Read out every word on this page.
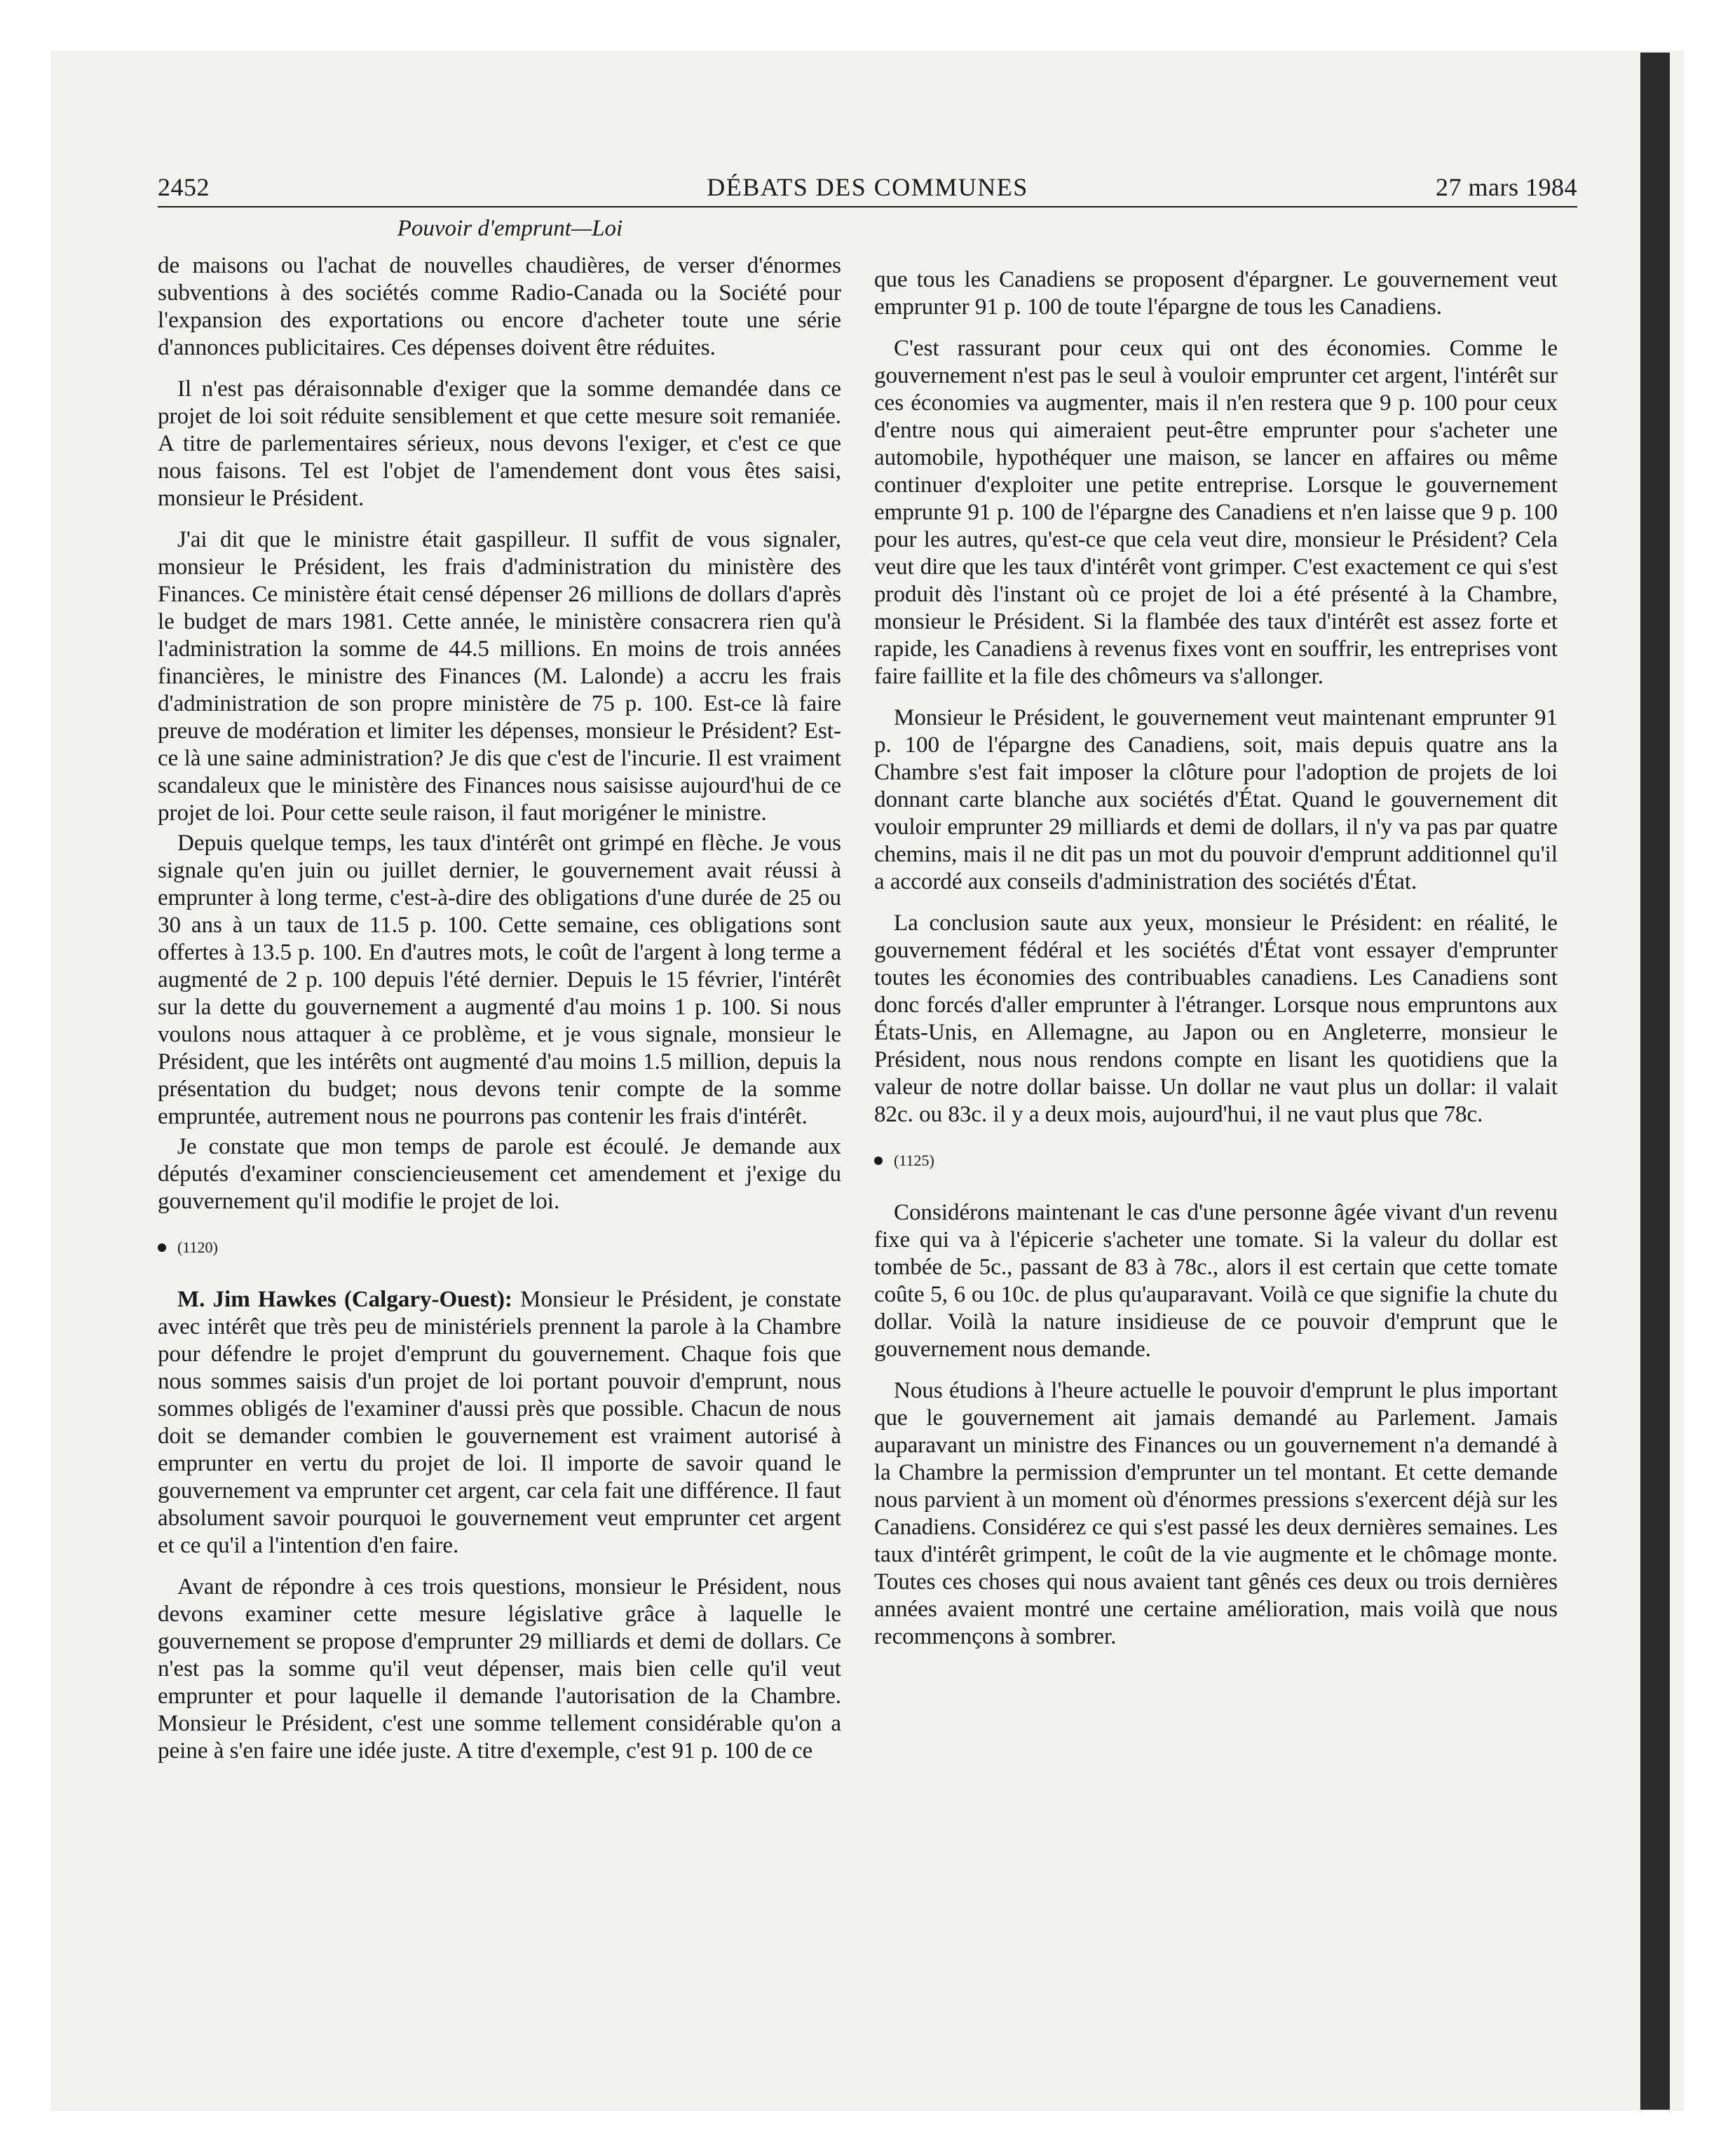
2452	DÉBATS DES COMMUNES	27 mars 1984
Pouvoir d'emprunt—Loi

de maisons ou l'achat de nouvelles chaudières, de verser d'énormes subventions à des sociétés comme Radio-Canada ou la Société pour l'expansion des exportations ou encore d'acheter toute une série d'annonces publicitaires. Ces dépenses doivent être réduites.

Il n'est pas déraisonnable d'exiger que la somme demandée dans ce projet de loi soit réduite sensiblement et que cette mesure soit remaniée. A titre de parlementaires sérieux, nous devons l'exiger, et c'est ce que nous faisons. Tel est l'objet de l'amendement dont vous êtes saisi, monsieur le Président.

J'ai dit que le ministre était gaspilleur. Il suffit de vous signaler, monsieur le Président, les frais d'administration du ministère des Finances. Ce ministère était censé dépenser 26 millions de dollars d'après le budget de mars 1981. Cette année, le ministère consacrera rien qu'à l'administration la somme de 44.5 millions. En moins de trois années financières, le ministre des Finances (M. Lalonde) a accru les frais d'administration de son propre ministère de 75 p. 100. Est-ce là faire preuve de modération et limiter les dépenses, monsieur le Président? Est-ce là une saine administration? Je dis que c'est de l'incurie. Il est vraiment scandaleux que le ministère des Finances nous saisisse aujourd'hui de ce projet de loi. Pour cette seule raison, il faut morigéner le ministre.

Depuis quelque temps, les taux d'intérêt ont grimpé en flèche. Je vous signale qu'en juin ou juillet dernier, le gouvernement avait réussi à emprunter à long terme, c'est-à-dire des obligations d'une durée de 25 ou 30 ans à un taux de 11.5 p. 100. Cette semaine, ces obligations sont offertes à 13.5 p. 100. En d'autres mots, le coût de l'argent à long terme a augmenté de 2 p. 100 depuis l'été dernier. Depuis le 15 février, l'intérêt sur la dette du gouvernement a augmenté d'au moins 1 p. 100. Si nous voulons nous attaquer à ce problème, et je vous signale, monsieur le Président, que les intérêts ont augmenté d'au moins 1.5 million, depuis la présentation du budget; nous devons tenir compte de la somme empruntée, autrement nous ne pourrons pas contenir les frais d'intérêt.

Je constate que mon temps de parole est écoulé. Je demande aux députés d'examiner consciencieusement cet amendement et j'exige du gouvernement qu'il modifie le projet de loi.

(1120)

M. Jim Hawkes (Calgary-Ouest): Monsieur le Président, je constate avec intérêt que très peu de ministériels prennent la parole à la Chambre pour défendre le projet d'emprunt du gouvernement. Chaque fois que nous sommes saisis d'un projet de loi portant pouvoir d'emprunt, nous sommes obligés de l'examiner d'aussi près que possible. Chacun de nous doit se demander combien le gouvernement est vraiment autorisé à emprunter en vertu du projet de loi. Il importe de savoir quand le gouvernement va emprunter cet argent, car cela fait une différence. Il faut absolument savoir pourquoi le gouvernement veut emprunter cet argent et ce qu'il a l'intention d'en faire.

Avant de répondre à ces trois questions, monsieur le Président, nous devons examiner cette mesure législative grâce à laquelle le gouvernement se propose d'emprunter 29 milliards et demi de dollars. Ce n'est pas la somme qu'il veut dépenser, mais bien celle qu'il veut emprunter et pour laquelle il demande l'autorisation de la Chambre. Monsieur le Président, c'est une somme tellement considérable qu'on a peine à s'en faire une idée juste. A titre d'exemple, c'est 91 p. 100 de ce

que tous les Canadiens se proposent d'épargner. Le gouvernement veut emprunter 91 p. 100 de toute l'épargne de tous les Canadiens.

C'est rassurant pour ceux qui ont des économies. Comme le gouvernement n'est pas le seul à vouloir emprunter cet argent, l'intérêt sur ces économies va augmenter, mais il n'en restera que 9 p. 100 pour ceux d'entre nous qui aimeraient peut-être emprunter pour s'acheter une automobile, hypothéquer une maison, se lancer en affaires ou même continuer d'exploiter une petite entreprise. Lorsque le gouvernement emprunte 91 p. 100 de l'épargne des Canadiens et n'en laisse que 9 p. 100 pour les autres, qu'est-ce que cela veut dire, monsieur le Président? Cela veut dire que les taux d'intérêt vont grimper. C'est exactement ce qui s'est produit dès l'instant où ce projet de loi a été présenté à la Chambre, monsieur le Président. Si la flambée des taux d'intérêt est assez forte et rapide, les Canadiens à revenus fixes vont en souffrir, les entreprises vont faire faillite et la file des chômeurs va s'allonger.

Monsieur le Président, le gouvernement veut maintenant emprunter 91 p. 100 de l'épargne des Canadiens, soit, mais depuis quatre ans la Chambre s'est fait imposer la clôture pour l'adoption de projets de loi donnant carte blanche aux sociétés d'État. Quand le gouvernement dit vouloir emprunter 29 milliards et demi de dollars, il n'y va pas par quatre chemins, mais il ne dit pas un mot du pouvoir d'emprunt additionnel qu'il a accordé aux conseils d'administration des sociétés d'État.

La conclusion saute aux yeux, monsieur le Président: en réalité, le gouvernement fédéral et les sociétés d'État vont essayer d'emprunter toutes les économies des contribuables canadiens. Les Canadiens sont donc forcés d'aller emprunter à l'étranger. Lorsque nous empruntons aux États-Unis, en Allemagne, au Japon ou en Angleterre, monsieur le Président, nous nous rendons compte en lisant les quotidiens que la valeur de notre dollar baisse. Un dollar ne vaut plus un dollar: il valait 82c. ou 83c. il y a deux mois, aujourd'hui, il ne vaut plus que 78c.

(1125)

Considérons maintenant le cas d'une personne âgée vivant d'un revenu fixe qui va à l'épicerie s'acheter une tomate. Si la valeur du dollar est tombée de 5c., passant de 83 à 78c., alors il est certain que cette tomate coûte 5, 6 ou 10c. de plus qu'auparavant. Voilà ce que signifie la chute du dollar. Voilà la nature insidieuse de ce pouvoir d'emprunt que le gouvernement nous demande.

Nous étudions à l'heure actuelle le pouvoir d'emprunt le plus important que le gouvernement ait jamais demandé au Parlement. Jamais auparavant un ministre des Finances ou un gouvernement n'a demandé à la Chambre la permission d'emprunter un tel montant. Et cette demande nous parvient à un moment où d'énormes pressions s'exercent déjà sur les Canadiens. Considérez ce qui s'est passé les deux dernières semaines. Les taux d'intérêt grimpent, le coût de la vie augmente et le chômage monte. Toutes ces choses qui nous avaient tant gênés ces deux ou trois dernières années avaient montré une certaine amélioration, mais voilà que nous recommençons à sombrer.
